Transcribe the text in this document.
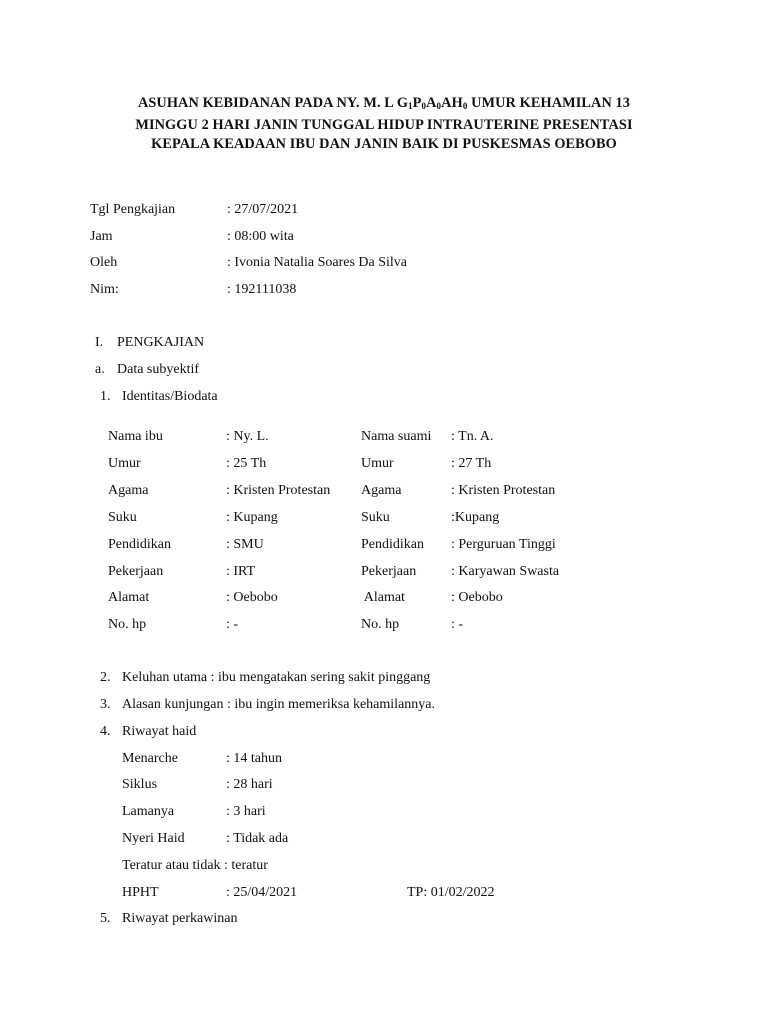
ASUHAN KEBIDANAN PADA NY. M. L $G_1P_0A_0AH_0$ UMUR KEHAMILAN 13
MINGGU 2 HARI JANIN TUNGGAL HIDUP INTRAUTERINE PRESENTASI
KEPALA KEADAAN IBU DAN JANIN BAIK DI PUSKESMAS OEBOBO
Tgl Pengkajian	: 27/07/2021
Jam	: 08:00 wita
Oleh	: Ivonia Natalia Soares Da Silva
Nim:	: 192111038
I. PENGKAJIAN
a. Data subyektif
1. Identitas/Biodata
Nama ibu	: Ny. L.	Nama suami : Tn. A.
Umur	: 25 Th	Umur	: 27 Th
Agama	: Kristen Protestan Agama	: Kristen Protestan
Suku	: Kupang	Suku	:Kupang
Pendidikan	: SMU	Pendidikan : Perguruan Tinggi
Pekerjaan	: IRT	Pekerjaan : Karyawan Swasta
Alamat	: Oebobo	Alamat	: Oebobo
No. hp	: -	No. hp	: -
2. Keluhan utama : ibu mengatakan sering sakit pinggang
3. Alasan kunjungan : ibu ingin memeriksa kehamilannya.
4. Riwayat haid
Menarche	: 14 tahun
Siklus	: 28 hari
Lamanya	: 3 hari
Nyeri Haid	: Tidak ada
Teratur atau tidak : teratur
HPHT	: 25/04/2021	TP: 01/02/2022
5. Riwayat perkawinan
